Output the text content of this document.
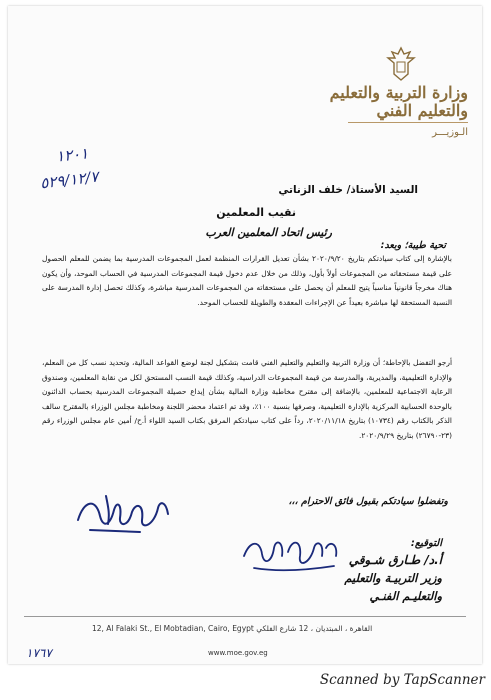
وزارة التربية والتعليم
والتعليم الفني
الـوزيـــر
١٢٠١
٥٢٩/١٢/٧	السيد الأستاذ/ خلف الزناتي
نقيب المعلمين
رئيس اتحاد المعلمين العرب
تحية طيبة؛ وبعد:
بالإشارة إلى كتاب سيادتكم بتاريخ ٢٠٢٠/٩/٢٠ بشأن تعديل القرارات المنظمة لعمل المجموعات المدرسية بما يضمن للمعلم الحصول على قيمة مستحقاته من المجموعات أولاً بأول، وذلك من خلال عدم دخول قيمة المجموعات المدرسية في الحساب الموحد، وأن يكون هناك مخرجاً قانونياً مناسباً يتيح للمعلم أن يحصل على مستحقاته من المجموعات المدرسية مباشرة، وكذلك تحصل إدارة المدرسة على النسبة المستحقة لها مباشرة بعيداً عن الإجراءات المعقدة والطويلة للحساب الموحد.
أرجو التفضل بالإحاطة؛ أن وزارة التربية والتعليم والتعليم الفني قامت بتشكيل لجنة لوضع القواعد المالية، وتحديد نسب كل من المعلم، والإدارة التعليمية، والمديرية، والمدرسة من قيمة المجموعات الدراسية، وكذلك قيمة النسب المستحق لكل من نقابة المعلمين، وصندوق الرعاية الاجتماعية للمعلمين، بالإضافة إلى مقترح مخاطبة وزارة المالية بشأن إيداع حصيلة المجموعات المدرسية بحساب الدائنون بالوحدة الحسابية المركزية بالإدارة التعليمية، وصرفها بنسبة ١٠٠٪، وقد تم اعتماد محضر اللجنة ومخاطبة مجلس الوزراء بالمقترح سالف الذكر بالكتاب رقم (١٠٧٣٤) بتاريخ ٢٠٢٠/١١/١٨، رداً على كتاب سيادتكم المرفق بكتاب السيد اللواء أ.ح/ أمين عام مجلس الوزراء رقم (٢٣-٢٦٧٩٠) بتاريخ ٢٠٢٠/٩/٢٩.
وتفضلوا سيادتكم بقبول فائق الاحترام ،،،
التوقيع:
أ.د/ طـارق شـوقي
وزير التربيـة والتعليم
والتعليـم الفنـي
12, Al Falaki St., El Mobtadian, Cairo, Egypt القاهرة ، المبتديان ، 12 شارع الفلكي
www.moe.gov.eg
١٧٦٧
Scanned by TapScanner
